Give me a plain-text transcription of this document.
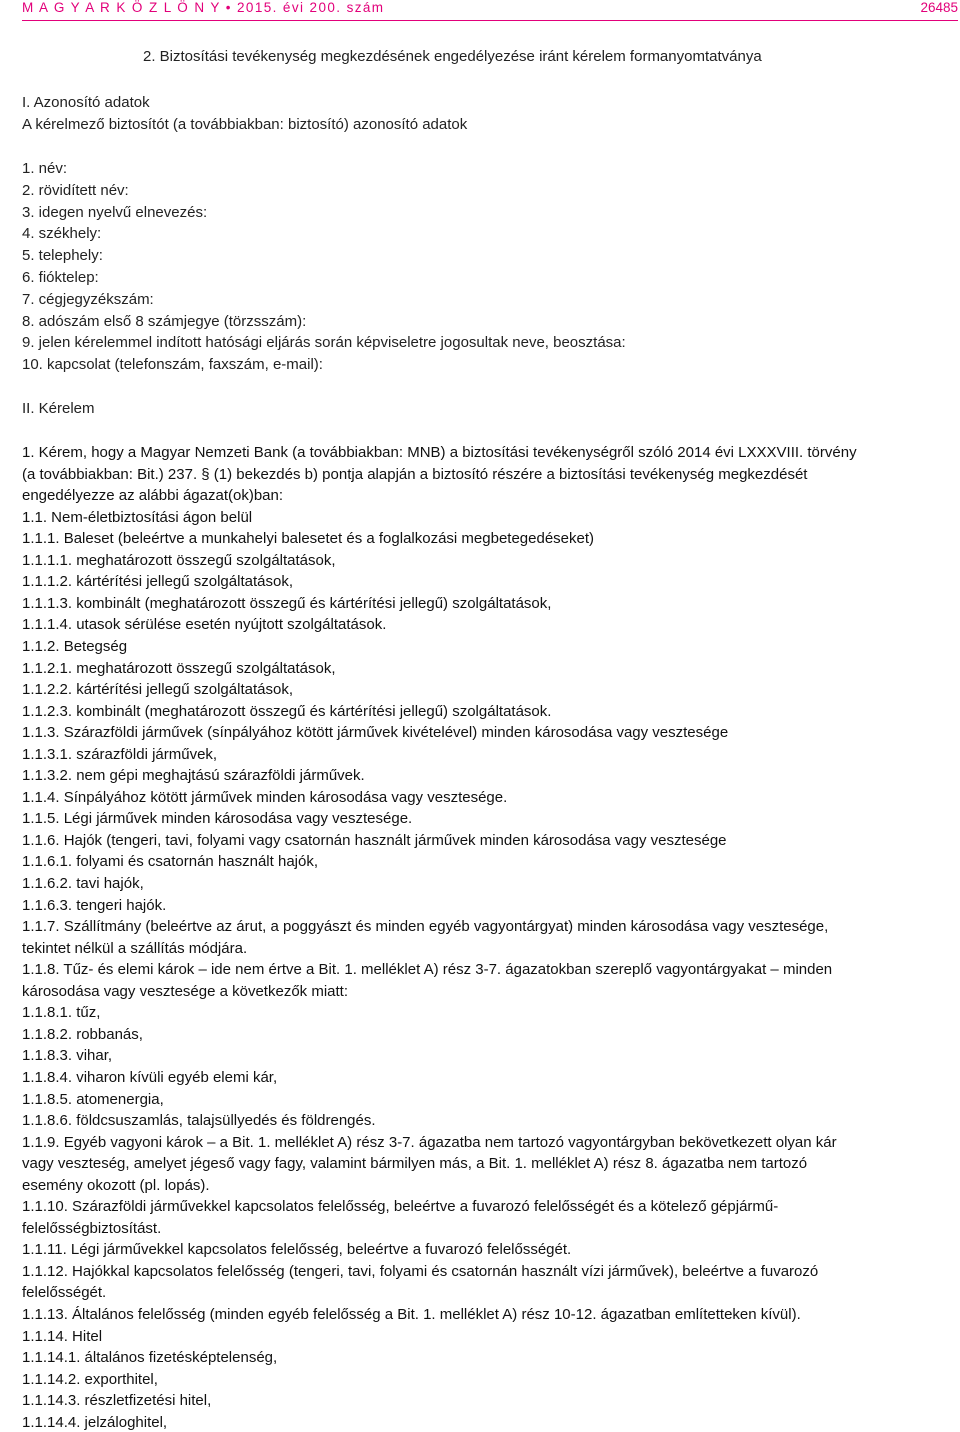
M A G Y A R K Ö Z L Ö N Y • 2015. évi 200. szám	26485
2. Biztosítási tevékenység megkezdésének engedélyezése iránt kérelem formanyomtatványa
I. Azonosító adatok
A kérelmező biztosítót (a továbbiakban: biztosító) azonosító adatok
1. név:
2. rövidített név:
3. idegen nyelvű elnevezés:
4. székhely:
5. telephely:
6. fióktelep:
7. cégjegyzékszám:
8. adószám első 8 számjegye (törzsszám):
9. jelen kérelemmel indított hatósági eljárás során képviseletre jogosultak neve, beosztása:
10. kapcsolat (telefonszám, faxszám, e-mail):
II. Kérelem
1. Kérem, hogy a Magyar Nemzeti Bank (a továbbiakban: MNB) a biztosítási tevékenységről szóló 2014 évi LXXXVIII. törvény
(a továbbiakban: Bit.) 237. § (1) bekezdés b) pontja alapján a biztosító részére a biztosítási tevékenység megkezdését
engedélyezze az alábbi ágazat(ok)ban:
1.1. Nem-életbiztosítási ágon belül
1.1.1. Baleset (beleértve a munkahelyi balesetet és a foglalkozási megbetegedéseket)
1.1.1.1. meghatározott összegű szolgáltatások,
1.1.1.2. kártérítési jellegű szolgáltatások,
1.1.1.3. kombinált (meghatározott összegű és kártérítési jellegű) szolgáltatások,
1.1.1.4. utasok sérülése esetén nyújtott szolgáltatások.
1.1.2. Betegség
1.1.2.1. meghatározott összegű szolgáltatások,
1.1.2.2. kártérítési jellegű szolgáltatások,
1.1.2.3. kombinált (meghatározott összegű és kártérítési jellegű) szolgáltatások.
1.1.3. Szárazföldi járművek (sínpályához kötött járművek kivételével) minden károsodása vagy vesztesége
1.1.3.1. szárazföldi járművek,
1.1.3.2. nem gépi meghajtású szárazföldi járművek.
1.1.4. Sínpályához kötött járművek minden károsodása vagy vesztesége.
1.1.5. Légi járművek minden károsodása vagy vesztesége.
1.1.6. Hajók (tengeri, tavi, folyami vagy csatornán használt járművek minden károsodása vagy vesztesége
1.1.6.1. folyami és csatornán használt hajók,
1.1.6.2. tavi hajók,
1.1.6.3. tengeri hajók.
1.1.7. Szállítmány (beleértve az árut, a poggyászt és minden egyéb vagyontárgyat) minden károsodása vagy vesztesége,
tekintet nélkül a szállítás módjára.
1.1.8. Tűz- és elemi károk – ide nem értve a Bit. 1. melléklet A) rész 3-7. ágazatokban szereplő vagyontárgyakat – minden
károsodása vagy vesztesége a következők miatt:
1.1.8.1. tűz,
1.1.8.2. robbanás,
1.1.8.3. vihar,
1.1.8.4. viharon kívüli egyéb elemi kár,
1.1.8.5. atomenergia,
1.1.8.6. földcsuszamlás, talajsüllyedés és földrengés.
1.1.9. Egyéb vagyoni károk – a Bit. 1. melléklet A) rész 3-7. ágazatba nem tartozó vagyontárgyban bekövetkezett olyan kár
vagy veszteség, amelyet jégeső vagy fagy, valamint bármilyen más, a Bit. 1. melléklet A) rész 8. ágazatba nem tartozó
esemény okozott (pl. lopás).
1.1.10. Szárazföldi járművekkel kapcsolatos felelősség, beleértve a fuvarozó felelősségét és a kötelező gépjármű-
felelősségbiztosítást.
1.1.11. Légi járművekkel kapcsolatos felelősség, beleértve a fuvarozó felelősségét.
1.1.12. Hajókkal kapcsolatos felelősség (tengeri, tavi, folyami és csatornán használt vízi járművek), beleértve a fuvarozó
felelősségét.
1.1.13. Általános felelősség (minden egyéb felelősség a Bit. 1. melléklet A) rész 10-12. ágazatban említetteken kívül).
1.1.14. Hitel
1.1.14.1. általános fizetésképtelenség,
1.1.14.2. exporthitel,
1.1.14.3. részletfizetési hitel,
1.1.14.4. jelzáloghitel,
